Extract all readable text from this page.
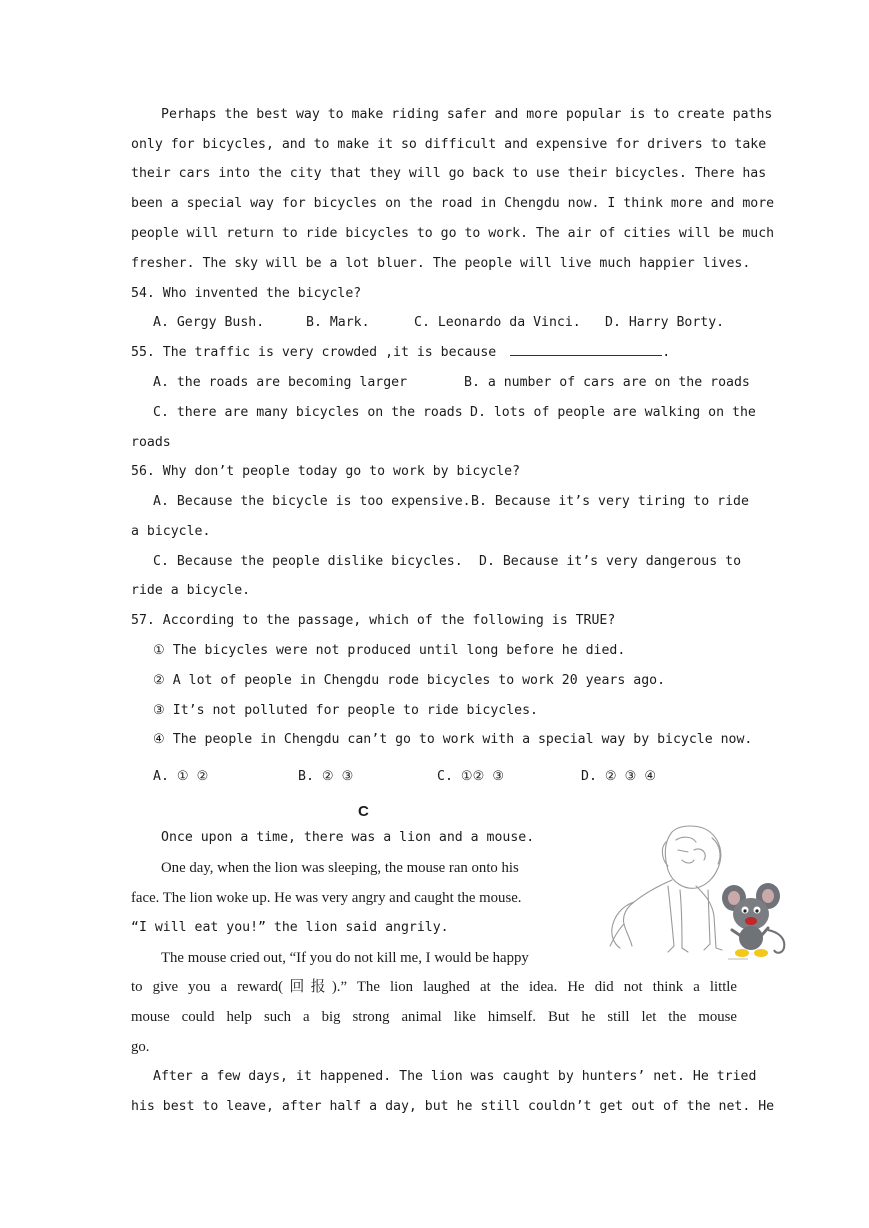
Perhaps the best way to make riding safer and more popular is to create paths
only for bicycles, and to make it so difficult and expensive for drivers to take
their cars into the city that they will go back to use their bicycles. There has
been a special way for bicycles on the road in Chengdu now. I think more and more
people will return to ride bicycles to go to work. The air of cities will be much
fresher. The sky will be a lot bluer. The people will live much happier lives.
54. Who invented the bicycle?
A. Gergy Bush.	B. Mark.	C. Leonardo da Vinci. D. Harry Borty.
55. The traffic is very crowded ,it is because	.
A. the roads are becoming larger	B. a number of cars are on the roads
C. there are many bicycles on the roads D. lots of people are walking on the
roads
56. Why don’t people today go to work by bicycle?
A. Because the bicycle is too expensive. B. Because it’s very tiring to ride
a bicycle.
C. Because the people dislike bicycles. D. Because it’s very dangerous to
ride a bicycle.
57. According to the passage, which of the following is TRUE?
① The bicycles were not produced until long before he died.
② A lot of people in Chengdu rode bicycles to work 20 years ago.
③ It’s not polluted for people to ride bicycles.
④ The people in Chengdu can’t go to work with a special way by bicycle now.
A. ① ②	B. ② ③	C. ①② ③	D. ② ③ ④
C
Once upon a time, there was a lion and a mouse.
One day, when the lion was sleeping, the mouse ran onto his
face. The lion woke up. He was very angry and caught the mouse.
“I will eat you!” the lion said angrily.
The mouse cried out, “If you do not kill me, I would be happy
to give you a reward(回报).” The lion laughed at the idea. He did not think a little
mouse could help such a big strong animal like himself. But he still let the mouse
go.
After a few days, it happened. The lion was caught by hunters’ net. He tried
his best to leave, after half a day, but he still couldn’t get out of the net. He
